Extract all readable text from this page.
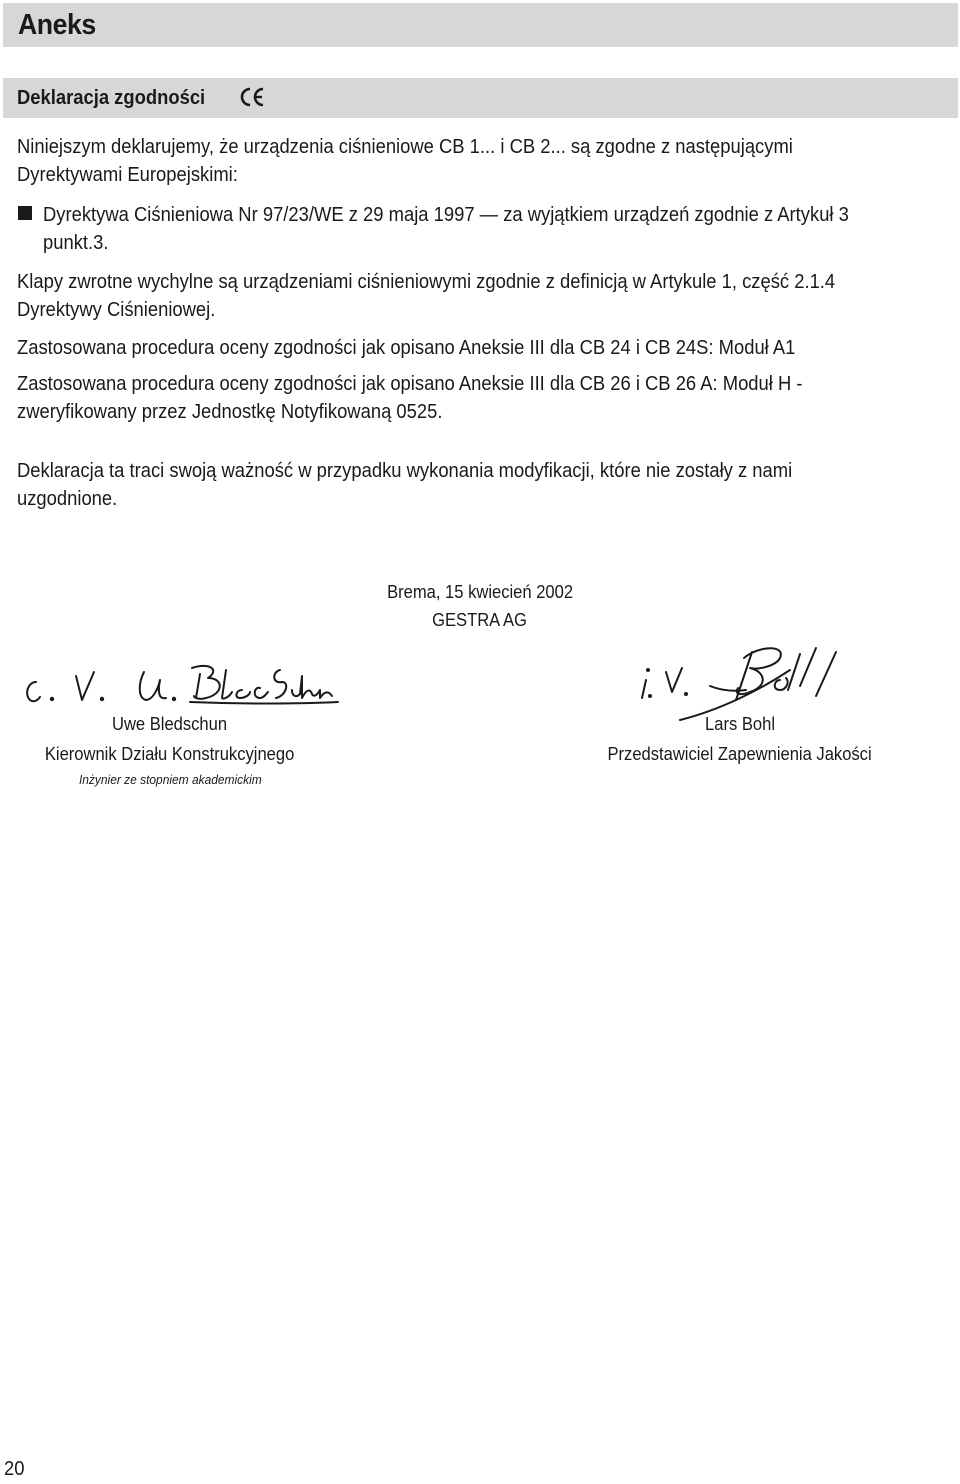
Aneks
Deklaracja zgodności
Niniejszym deklarujemy, że urządzenia ciśnieniowe CB 1... i CB 2... są zgodne z następującymi Dyrektywami Europejskimi:
Dyrektywa Ciśnieniowa Nr 97/23/WE z 29 maja 1997 — za wyjątkiem urządzeń zgodnie z Artykuł 3 punkt.3.
Klapy zwrotne wychylne są urządzeniami ciśnieniowymi zgodnie z definicją w Artykule 1, część 2.1.4 Dyrektywy Ciśnieniowej.
Zastosowana procedura oceny zgodności jak opisano Aneksie III dla CB 24 i CB 24S: Moduł A1
Zastosowana procedura oceny zgodności jak opisano Aneksie III dla CB 26 i CB 26 A: Moduł H - zweryfikowany przez Jednostkę Notyfikowaną 0525.
Deklaracja ta traci swoją ważność w przypadku wykonania modyfikacji, które nie zostały z nami uzgodnione.
Brema, 15 kwiecień 2002
GESTRA AG
Uwe Bledschun
Kierownik Działu Konstrukcyjnego
Inżynier ze stopniem akademickim
Lars Bohl
Przedstawiciel Zapewnienia Jakości
20
